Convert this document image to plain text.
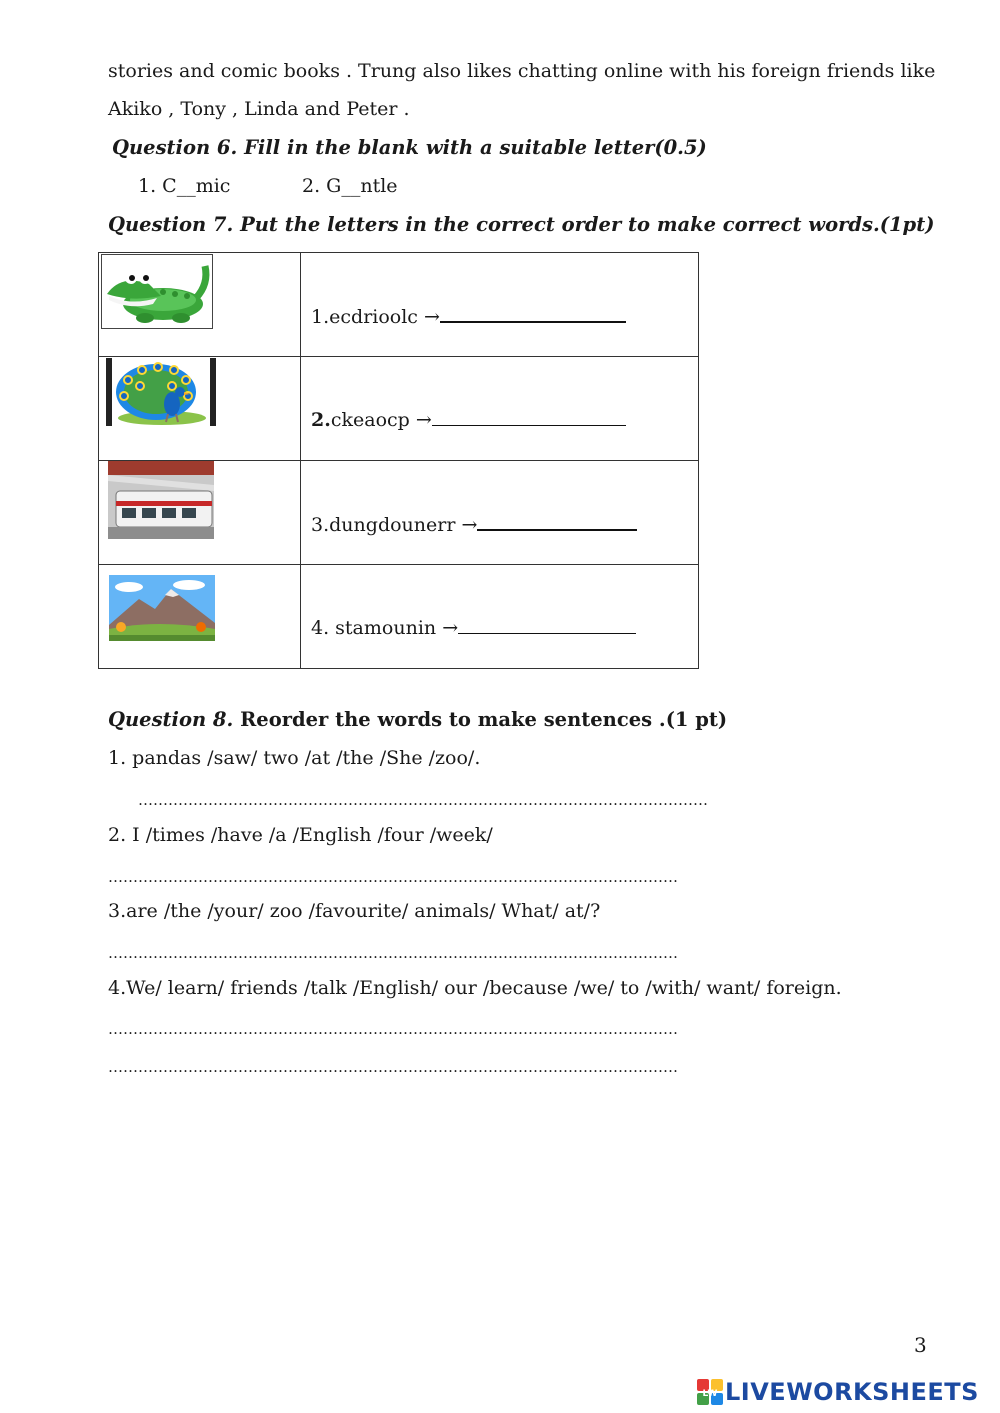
stories and comic books . Trung also likes chatting online with his foreign friends like
Akiko , Tony , Linda and Peter .
Question 6. Fill in the blank with a suitable letter(0.5)
1. C__mic	2. G__ntle
Question 7. Put the letters in the correct order to make correct words.(1pt)

1.ecdrioolc →

2.ckeaocp →

3.dungdounerr →

4. stamounin →
Question 8. Reorder the words to make sentences .(1 pt)
1. pandas /saw/ two /at /the /She /zoo/.
……………………………………………………………………………………………………
2. I /times /have /a /English /four /week/
……………………………………………………………………………………………………
3.are /the /your/ zoo /favourite/ animals/ What/ at/?
……………………………………………………………………………………………………
4.We/ learn/ friends /talk /English/ our /because /we/ to /with/ want/ foreign.
……………………………………………………………………………………………………
……………………………………………………………………………………………………
3
LW LIVEWORKSHEETS
